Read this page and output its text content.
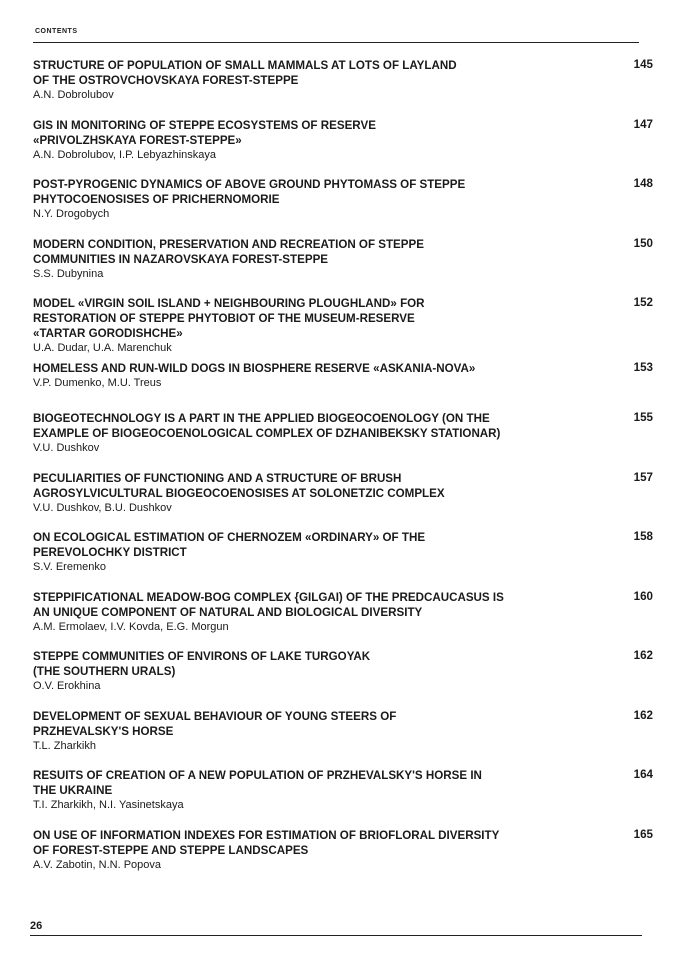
CONTENTS
STRUCTURE OF POPULATION OF SMALL MAMMALS AT LOTS OF LAYLAND
OF THE OSTROVCHOVSKAYA FOREST-STEPPE
A.N. Dobrolubov
145
GIS IN MONITORING OF STEPPE ECOSYSTEMS OF RESERVE
«PRIVOLZHSKAYA FOREST-STEPPE»
A.N. Dobrolubov, I.P. Lebyazhinskaya
147
POST-PYROGENIC DYNAMICS OF ABOVE GROUND PHYTOMASS OF STEPPE
PHYTOCOENOSISES OF PRICHERNOMORIE
N.Y. Drogobych
148
MODERN CONDITION, PRESERVATION AND RECREATION OF STEPPE
COMMUNITIES IN NAZAROVSKAYA FOREST-STEPPE
S.S. Dubynina
150
MODEL «VIRGIN SOIL ISLAND + NEIGHBOURING PLOUGHLAND» FOR
RESTORATION OF STEPPE PHYTOBIOT OF THE MUSEUM-RESERVE
«TARTAR GORODISHCHE»
U.A. Dudar, U.A. Marenchuk
152
HOMELESS AND RUN-WILD DOGS IN BIOSPHERE RESERVE «ASKANIA-NOVA»
V.P. Dumenko, M.U. Treus
153
BIOGEOTECHNOLOGY IS A PART IN THE APPLIED BIOGEOCOENOLOGY (ON THE
EXAMPLE OF BIOGEOCOENOLOGICAL COMPLEX OF DZHANIBEKSKY STATIONAR)
V.U. Dushkov
155
PECULIARITIES OF FUNCTIONING AND A STRUCTURE OF BRUSH
AGROSYLVICULTURAL BIOGEOCOENOSISES AT SOLONETZIC COMPLEX
V.U. Dushkov, B.U. Dushkov
157
ON ECOLOGICAL ESTIMATION OF CHERNOZEM «ORDINARY» OF THE
PEREVOLOCHKY DISTRICT
S.V. Eremenko
158
STEPPIFICATIONAL MEADOW-BOG COMPLEX {GILGAI) OF THE PREDCAUCASUS IS
AN UNIQUE COMPONENT OF NATURAL AND BIOLOGICAL DIVERSITY
A.M. Ermolaev, I.V. Kovda, E.G. Morgun
160
STEPPE COMMUNITIES OF ENVIRONS OF LAKE TURGOYAK
(THE SOUTHERN URALS)
O.V. Erokhina
162
DEVELOPMENT OF SEXUAL BEHAVIOUR OF YOUNG STEERS OF
PRZHEVALSKY'S HORSE
T.L. Zharkikh
162
RESUITS OF CREATION OF A NEW POPULATION OF PRZHEVALSKY'S HORSE IN
THE UKRAINE
T.I. Zharkikh, N.I. Yasinetskaya
164
ON USE OF INFORMATION INDEXES FOR ESTIMATION OF BRIOFLORAL DIVERSITY
OF FOREST-STEPPE AND STEPPE LANDSCAPES
A.V. Zabotin, N.N. Popova
165
26
